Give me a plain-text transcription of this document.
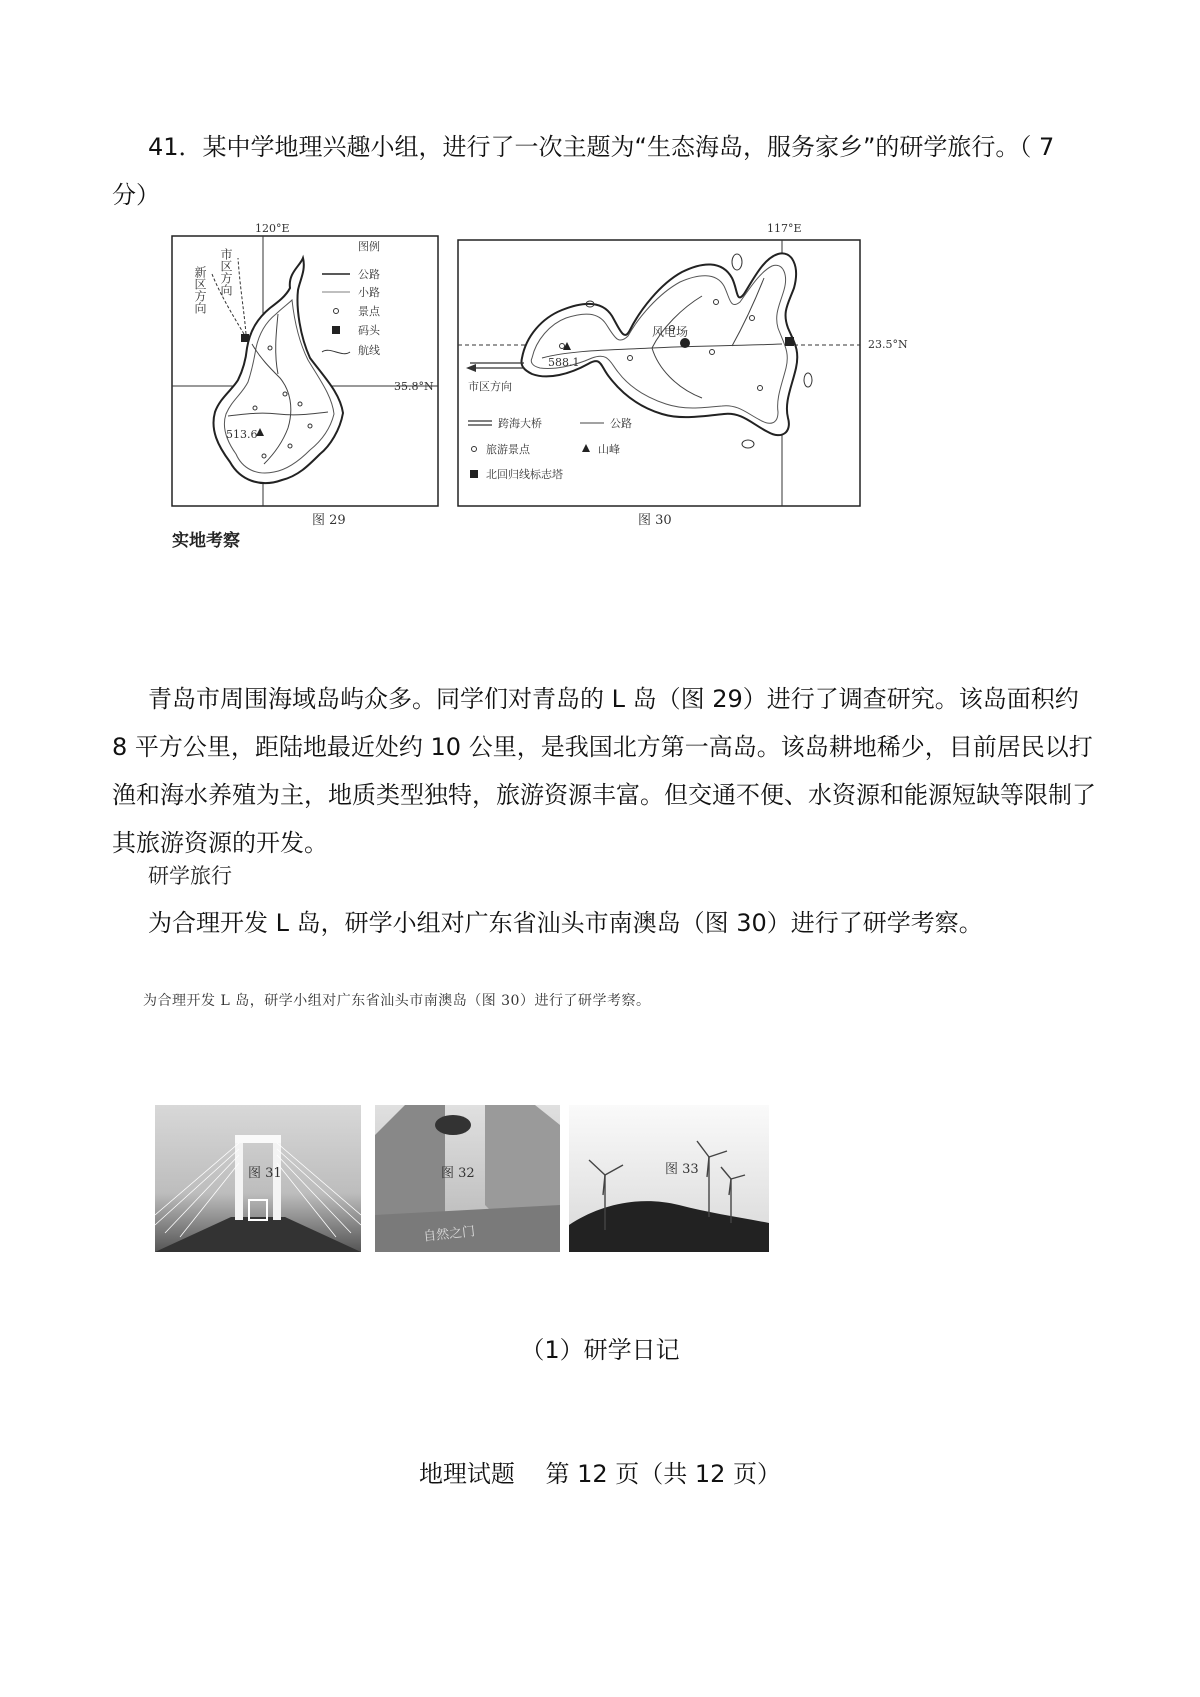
41．某中学地理兴趣小组，进行了一次主题为“生态海岛，服务家乡”的研学旅行。（ 7
分）
120°E
35.8°N
新区方向 市区方向
513.6
图例
公路
小路
景点
码头
航线
图 29
实地考察
117°E
23.5°N
市区方向
风电场
588.1
跨海大桥	公路
旅游景点	山峰
北回归线标志塔
图 30
青岛市周围海域岛屿众多。同学们对青岛的 L 岛（图 29）进行了调查研究。该岛面积约
8 平方公里，距陆地最近处约 10 公里，是我国北方第一高岛。该岛耕地稀少，目前居民以打
渔和海水养殖为主，地质类型独特，旅游资源丰富。但交通不便、水资源和能源短缺等限制了
其旅游资源的开发。
研学旅行
为合理开发 L 岛，研学小组对广东省汕头市南澳岛（图 30）进行了研学考察。
为合理开发 L 岛，研学小组对广东省汕头市南澳岛（图 30）进行了研学考察。
自然之门
图 31	图 32	图 33
（1）研学日记
地理试题    第 12 页（共 12 页）
